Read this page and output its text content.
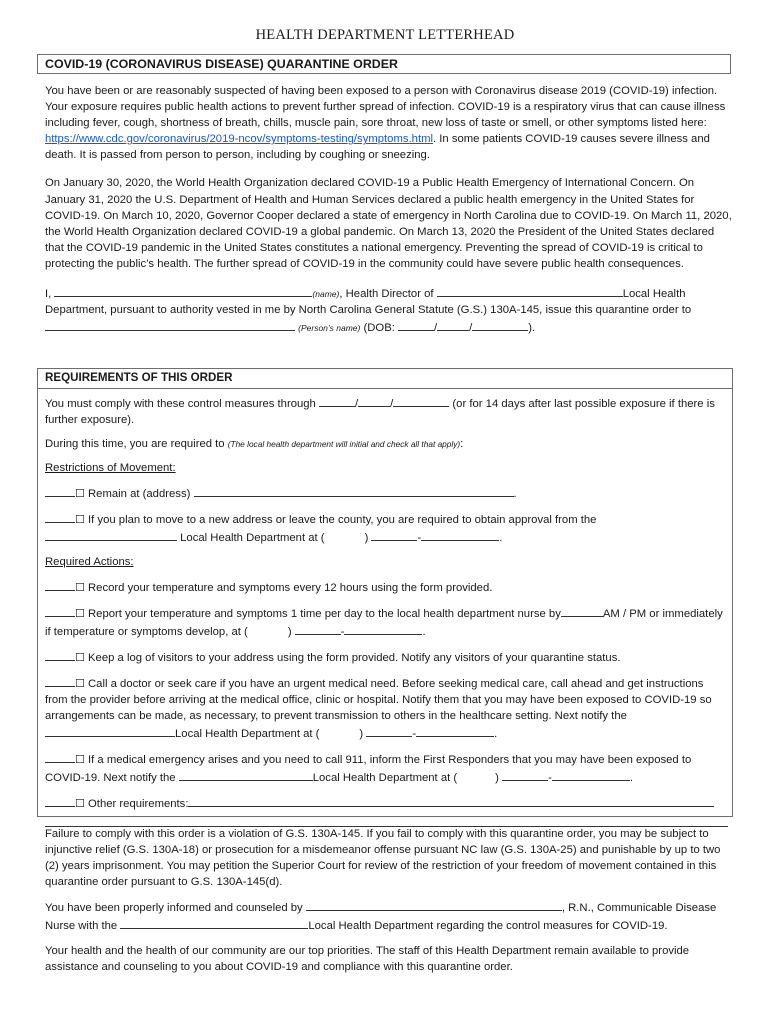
HEALTH DEPARTMENT LETTERHEAD
COVID-19 (CORONAVIRUS DISEASE) QUARANTINE ORDER

You have been or are reasonably suspected of having been exposed to a person with Coronavirus disease 2019 (COVID-19) infection. Your exposure requires public health actions to prevent further spread of infection. COVID-19 is a respiratory virus that can cause illness including fever, cough, shortness of breath, chills, muscle pain, sore throat, new loss of taste or smell, or other symptoms listed here: https://www.cdc.gov/coronavirus/2019-ncov/symptoms-testing/symptoms.html. In some patients COVID-19 causes severe illness and death. It is passed from person to person, including by coughing or sneezing.

On January 30, 2020, the World Health Organization declared COVID-19 a Public Health Emergency of International Concern. On January 31, 2020 the U.S. Department of Health and Human Services declared a public health emergency in the United States for COVID-19. On March 10, 2020, Governor Cooper declared a state of emergency in North Carolina due to COVID-19. On March 11, 2020, the World Health Organization declared COVID-19 a global pandemic. On March 13, 2020 the President of the United States declared that the COVID-19 pandemic in the United States constitutes a national emergency. Preventing the spread of COVID-19 is critical to protecting the public’s health. The further spread of COVID-19 in the community could have severe public health consequences.

I,	(name), Health Director of	Local Health Department, pursuant to authority vested in me by North Carolina General Statute (G.S.) 130A-145, issue this quarantine order to
(Person’s name) (DOB:	/	/	).

REQUIREMENTS OF THIS ORDER

You must comply with these control measures through	/	/	(or for 14 days after last possible exposure if there is further exposure).

During this time, you are required to (The local health department will initial and check all that apply):

Restrictions of Movement:

☐ Remain at (address)	.

☐ If you plan to move to a new address or leave the county, you are required to obtain approval from the
Local Health Department at (	)	-	.

Required Actions:

☐ Record your temperature and symptoms every 12 hours using the form provided.

☐ Report your temperature and symptoms 1 time per day to the local health department nurse by	AM / PM or immediately if temperature or symptoms develop, at (	)	-	.

☐ Keep a log of visitors to your address using the form provided. Notify any visitors of your quarantine status.

☐ Call a doctor or seek care if you have an urgent medical need. Before seeking medical care, call ahead and get instructions from the provider before arriving at the medical office, clinic or hospital. Notify them that you may have been exposed to COVID-19 so arrangements can be made, as necessary, to prevent transmission to others in the healthcare setting. Next notify the
Local Health Department at (	)	-	.

☐ If a medical emergency arises and you need to call 911, inform the First Responders that you may have been exposed to COVID-19. Next notify the	Local Health Department at (	)	-	.

☐ Other requirements:

Failure to comply with this order is a violation of G.S. 130A-145. If you fail to comply with this quarantine order, you may be subject to injunctive relief (G.S. 130A-18) or prosecution for a misdemeanor offense pursuant NC law (G.S. 130A-25) and punishable by up to two (2) years imprisonment. You may petition the Superior Court for review of the restriction of your freedom of movement contained in this quarantine order pursuant to G.S. 130A-145(d).

You have been properly informed and counseled by	, R.N., Communicable Disease Nurse with the	Local Health Department regarding the control measures for COVID-19.

Your health and the health of our community are our top priorities. The staff of this Health Department remain available to provide assistance and counseling to you about COVID-19 and compliance with this quarantine order.
